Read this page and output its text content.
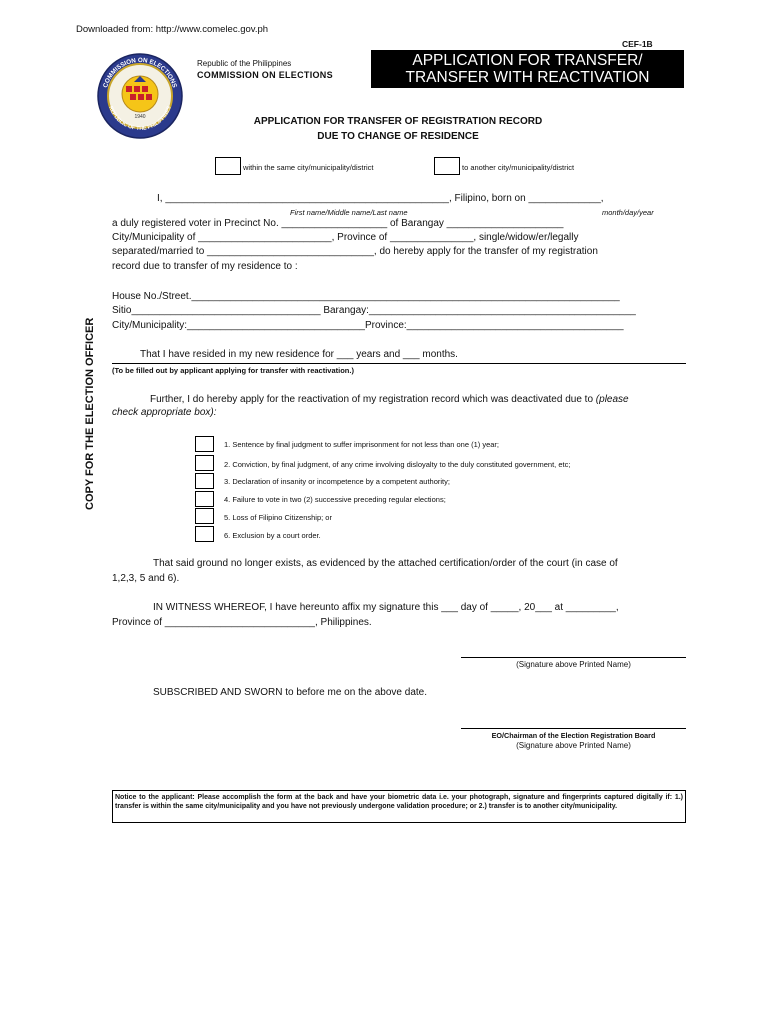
Downloaded from: http://www.comelec.gov.ph
COMMISSION ON ELECTIONS
REPUBLIC OF THE PHILIPPINES
1940
Republic of the Philippines
COMMISSION ON ELECTIONS
CEF-1B
APPLICATION FOR TRANSFER/
TRANSFER WITH REACTIVATION
APPLICATION FOR TRANSFER OF REGISTRATION RECORD
DUE TO CHANGE OF RESIDENCE
within the same city/municipality/district	to another city/municipality/district
I, ___________________________________________________, Filipino, born on _____________,
First name/Middle name/Last name	month/day/year
a duly registered voter in Precinct No. ___________________ of Barangay _____________________
City/Municipality of ________________________, Province of _______________, single/widow/er/legally
separated/married to ______________________________, do hereby apply for the transfer of my registration
record due to transfer of my residence to :
House No./Street._____________________________________________________________________________
Sitio__________________________________ Barangay:________________________________________________
City/Municipality:________________________________Province:_______________________________________
That I have resided in my new residence for ___ years and ___ months.
(To be filled out by applicant applying for transfer with reactivation.)
COPY FOR THE ELECTION OFFICER	Further, I do hereby apply for the reactivation of my registration record which was deactivated due to (please
check appropriate box):
1. Sentence by final judgment to suffer imprisonment for not less than one (1) year;
2. Conviction, by final judgment, of any crime involving disloyalty to the duly constituted government, etc;
3. Declaration of insanity or incompetence by a competent authority;
4. Failure to vote in two (2) successive preceding regular elections;
5. Loss of Filipino Citizenship; or
6. Exclusion by a court order.
That said ground no longer exists, as evidenced by the attached certification/order of the court (in case of
1,2,3, 5 and 6).
IN WITNESS WHEREOF, I have hereunto affix my signature this ___ day of _____, 20___ at _________,
Province of ___________________________, Philippines.
(Signature above Printed Name)
SUBSCRIBED AND SWORN to before me on the above date.
EO/Chairman of the Election Registration Board
(Signature above Printed Name)
Notice to the applicant: Please accomplish the form at the back and have your biometric data i.e. your photograph, signature and fingerprints captured digitally if: 1.) transfer is within the same city/municipality and you have not previously undergone validation procedure; or 2.) transfer is to another city/municipality.
